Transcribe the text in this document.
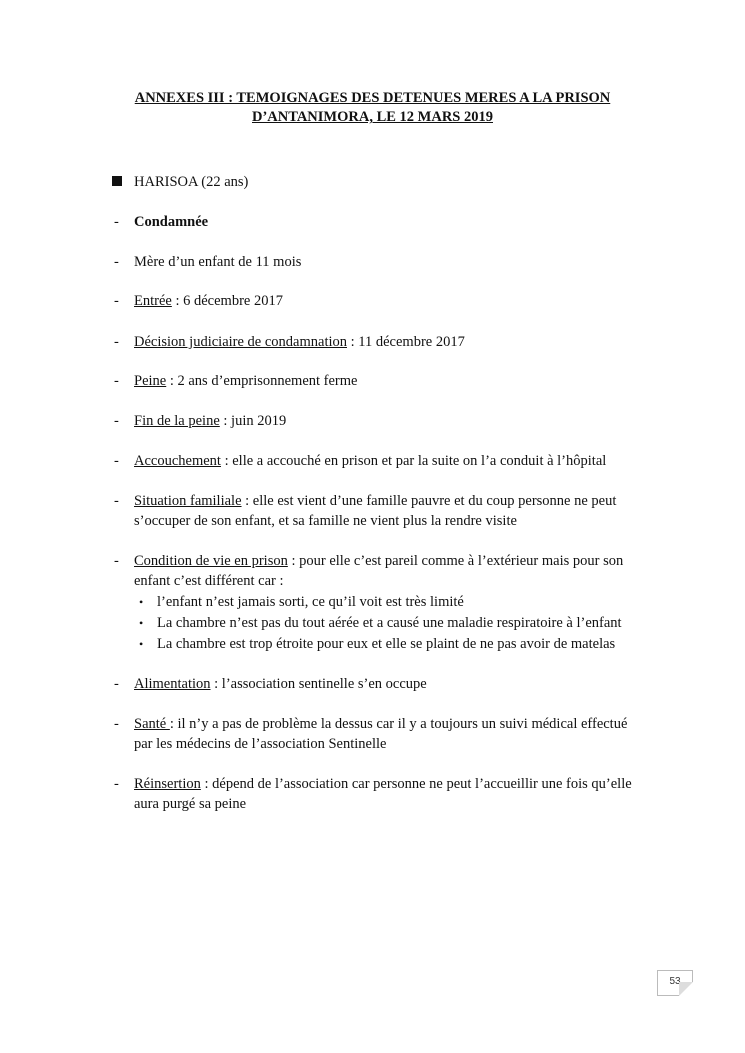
ANNEXES III : TEMOIGNAGES DES DETENUES MERES A LA PRISON
D’ANTANIMORA, LE 12 MARS 2019
HARISOA (22 ans)
- Condamnée
- Mère d’un enfant de 11 mois
- Entrée : 6 décembre 2017
- Décision judiciaire de condamnation : 11 décembre 2017
- Peine : 2 ans d’emprisonnement ferme
- Fin de la peine : juin 2019
- Accouchement : elle a accouché en prison et par la suite on l’a conduit à l’hôpital
- Situation familiale : elle est vient d’une famille pauvre et du coup personne ne peut
s’occuper de son enfant, et sa famille ne vient plus la rendre visite
- Condition de vie en prison : pour elle c’est pareil comme à l’extérieur mais pour son
enfant c’est différent car :
• l’enfant n’est jamais sorti, ce qu’il voit est très limité
• La chambre n’est pas du tout aérée et a causé une maladie respiratoire à l’enfant
• La chambre est trop étroite pour eux et elle se plaint de ne pas avoir de matelas
- Alimentation : l’association sentinelle s’en occupe
- Santé : il n’y a pas de problème la dessus car il y a toujours un suivi médical effectué
par les médecins de l’association Sentinelle
- Réinsertion : dépend de l’association car personne ne peut l’accueillir une fois qu’elle
aura purgé sa peine
53
